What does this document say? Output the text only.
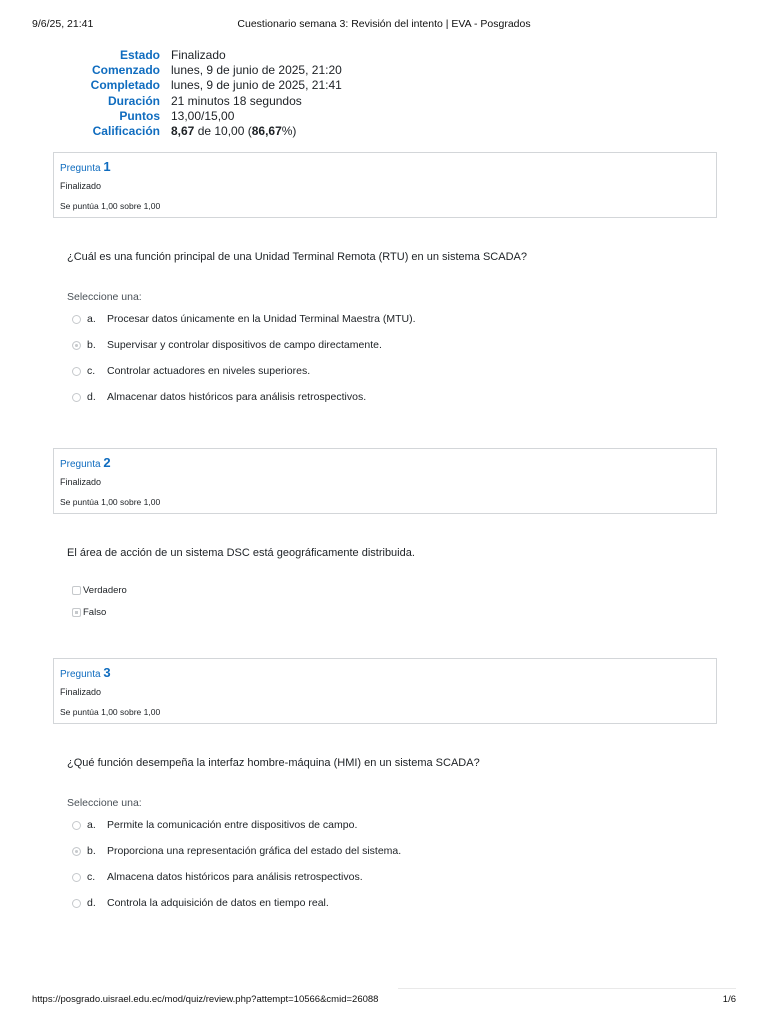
9/6/25, 21:41	Cuestionario semana 3: Revisión del intento | EVA - Posgrados
Estado	Finalizado
Comenzado	lunes, 9 de junio de 2025, 21:20
Completado	lunes, 9 de junio de 2025, 21:41
Duración	21 minutos 18 segundos
Puntos	13,00/15,00
Calificación	8,67 de 10,00 (86,67%)
Pregunta 1
Finalizado
Se puntúa 1,00 sobre 1,00
¿Cuál es una función principal de una Unidad Terminal Remota (RTU) en un sistema SCADA?
Seleccione una:
a. Procesar datos únicamente en la Unidad Terminal Maestra (MTU).
b. Supervisar y controlar dispositivos de campo directamente.
c. Controlar actuadores en niveles superiores.
d. Almacenar datos históricos para análisis retrospectivos.
Pregunta 2
Finalizado
Se puntúa 1,00 sobre 1,00
El área de acción de un sistema DSC está geográficamente distribuida.
Verdadero
Falso
Pregunta 3
Finalizado
Se puntúa 1,00 sobre 1,00
¿Qué función desempeña la interfaz hombre-máquina (HMI) en un sistema SCADA?
Seleccione una:
a. Permite la comunicación entre dispositivos de campo.
b. Proporciona una representación gráfica del estado del sistema.
c. Almacena datos históricos para análisis retrospectivos.
d. Controla la adquisición de datos en tiempo real.
https://posgrado.uisrael.edu.ec/mod/quiz/review.php?attempt=10566&cmid=26088	1/6
